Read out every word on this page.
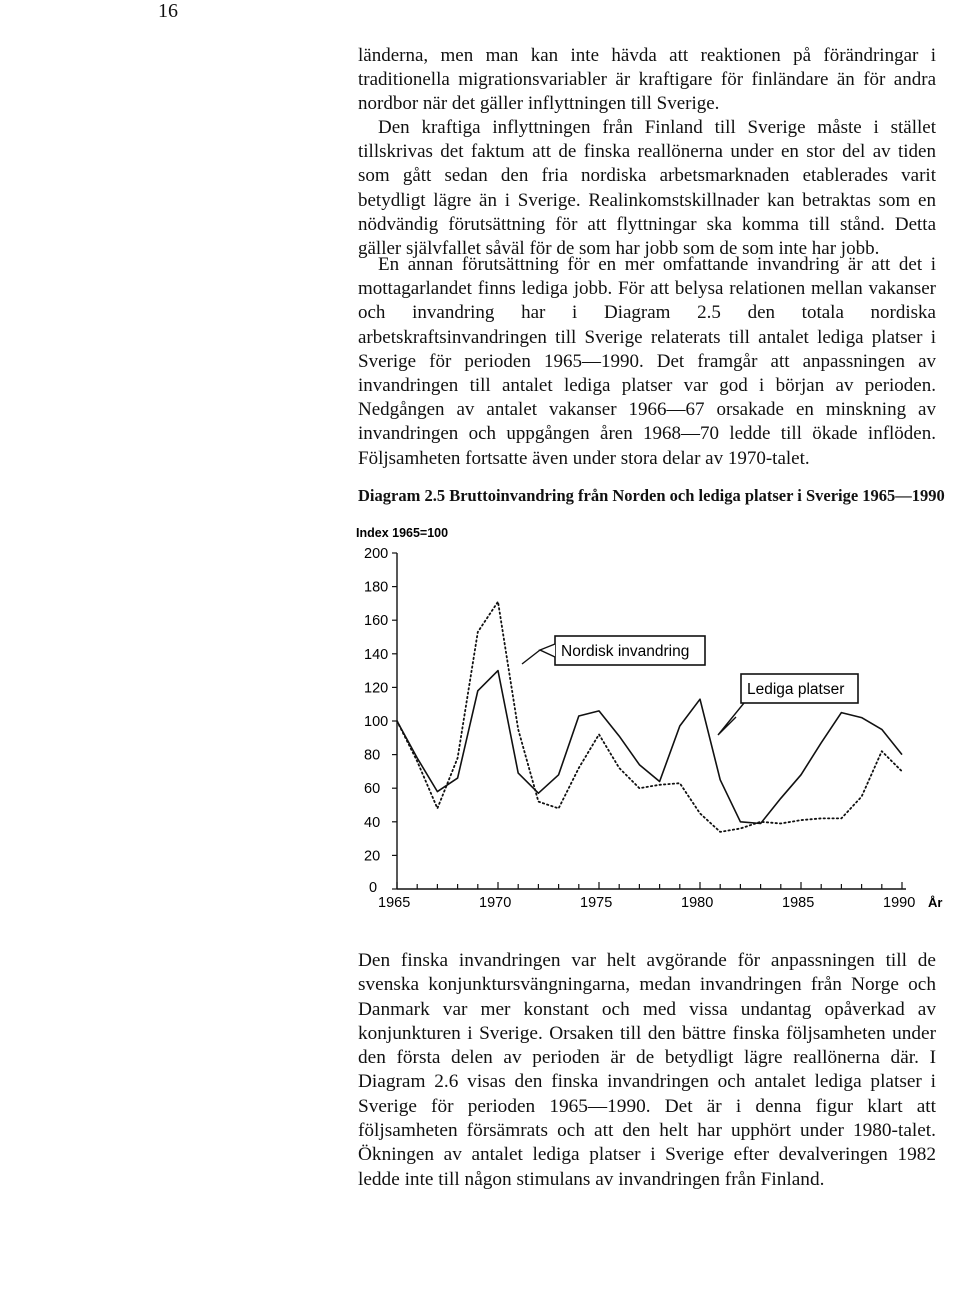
16

länderna, men man kan inte hävda att reaktionen på förändringar i traditionella migrationsvariabler är kraftigare för finländare än för andra nordbor när det gäller inflyttningen till Sverige.

Den kraftiga inflyttningen från Finland till Sverige måste i stället tillskrivas det faktum att de finska reallönerna under en stor del av tiden som gått sedan den fria nordiska arbetsmarknaden etablerades varit betydligt lägre än i Sverige. Realinkomstskillnader kan betraktas som en nödvändig förutsättning för att flyttningar ska komma till stånd. Detta gäller självfallet såväl för de som har jobb som de som inte har jobb.

En annan förutsättning för en mer omfattande invandring är att det i mottagarlandet finns lediga jobb. För att belysa relationen mellan vakanser och invandring har i Diagram 2.5 den totala nordiska arbetskraftsinvandringen till Sverige relaterats till antalet lediga platser i Sverige för perioden 1965—1990. Det framgår att anpassningen av invandringen till antalet lediga platser var god i början av perioden. Nedgången av antalet vakanser 1966—67 orsakade en minskning av invandringen och uppgången åren 1968—70 ledde till ökade inflöden. Följsamheten fortsatte även under stora delar av 1970-talet.

Diagram 2.5 Bruttoinvandring från Norden och lediga platser i Sverige 1965—1990
Index 1965=100
0
20
40
60
80
100
120
140
160
180
200
1965	1970	1975	1980	1985	1990 År
Nordisk invandring
Lediga platser

Den finska invandringen var helt avgörande för anpassningen till de svenska konjunktursvängningarna, medan invandringen från Norge och Danmark var mer konstant och med vissa undantag opåverkad av konjunkturen i Sverige. Orsaken till den bättre finska följsamheten under den första delen av perioden är de betydligt lägre reallönerna där. I Diagram 2.6 visas den finska invandringen och antalet lediga platser i Sverige för perioden 1965—1990. Det är i denna figur klart att följsamheten försämrats och att den helt har upphört under 1980-talet. Ökningen av antalet lediga platser i Sverige efter devalveringen 1982 ledde inte till någon stimulans av invandringen från Finland.
